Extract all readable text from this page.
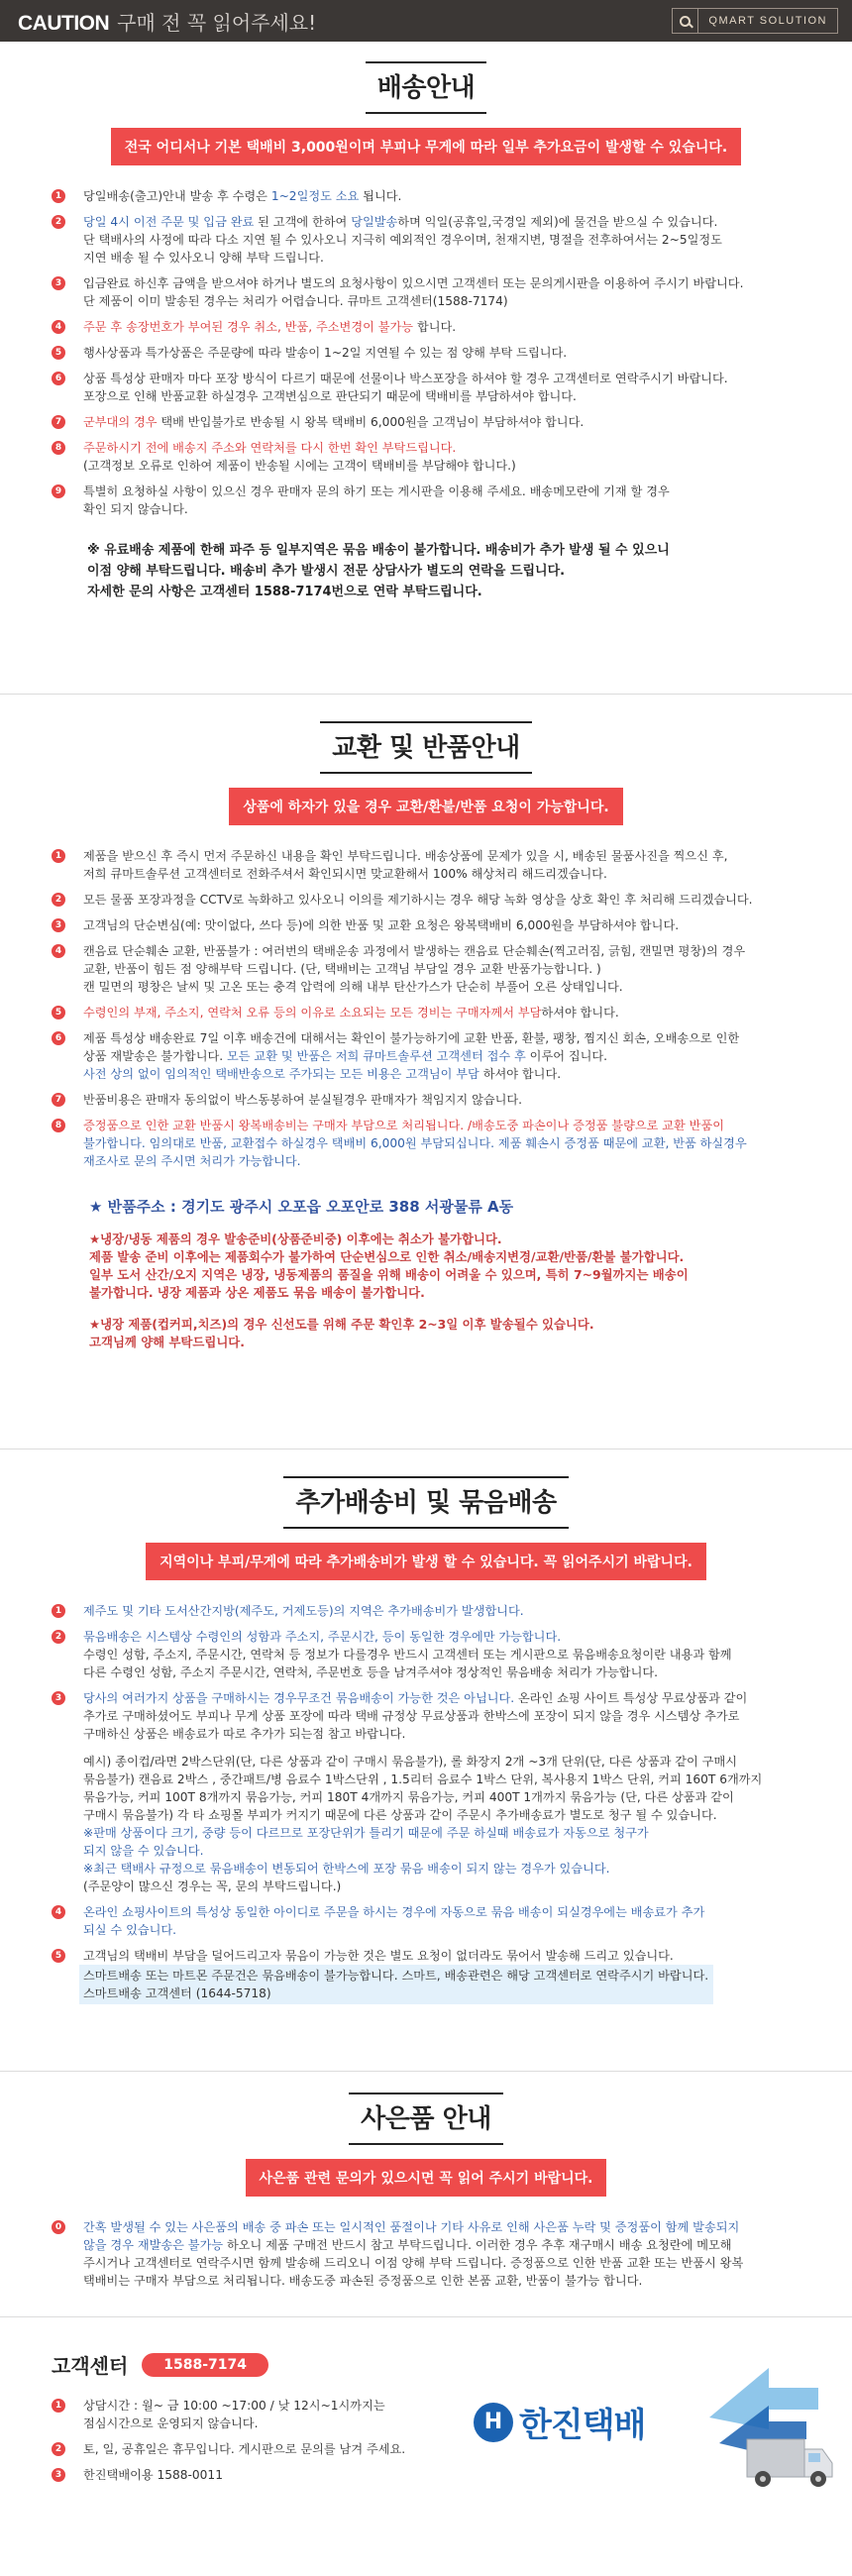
CAUTION 구매 전 꼭 읽어주세요!	QMART SOLUTION
배송안내
전국 어디서나 기본 택배비 3,000원이며 부피나 무게에 따라 일부 추가요금이 발생할 수 있습니다.
1	당일배송(출고)안내 발송 후 수령은 1~2일정도 소요 됩니다.
2	당일 4시 이전 주문 및 입금 완료 된 고객에 한하여 당일발송하며 익일(공휴일,국경일 제외)에 물건을 받으실 수 있습니다.
단 택배사의 사정에 따라 다소 지연 될 수 있사오니 지극히 예외적인 경우이며, 천재지변, 명절을 전후하여서는 2~5일정도
지연 배송 될 수 있사오니 양해 부탁 드립니다.
3	입금완료 하신후 금액을 받으셔야 하거나 별도의 요청사항이 있으시면 고객센터 또는 문의게시판을 이용하여 주시기 바랍니다.
단 제품이 이미 발송된 경우는 처리가 어렵습니다. 큐마트 고객센터(1588-7174)
4	주문 후 송장번호가 부여된 경우 취소, 반품, 주소변경이 불가능 합니다.
5	행사상품과 특가상품은 주문량에 따라 발송이 1~2일 지연될 수 있는 점 양해 부탁 드립니다.
6	상품 특성상 판매자 마다 포장 방식이 다르기 때문에 선물이나 박스포장을 하셔야 할 경우 고객센터로 연락주시기 바랍니다.
포장으로 인해 반품교환 하실경우 고객변심으로 판단되기 때문에 택배비를 부담하셔야 합니다.
7	군부대의 경우 택배 반입불가로 반송될 시 왕복 택배비 6,000원을 고객님이 부담하셔야 합니다.
8	주문하시기 전에 배송지 주소와 연락처를 다시 한번 확인 부탁드립니다.
(고객정보 오류로 인하여 제품이 반송될 시에는 고객이 택배비를 부담해야 합니다.)
9	특별히 요청하실 사항이 있으신 경우 판매자 문의 하기 또는 게시판을 이용해 주세요. 배송메모란에 기재 할 경우
확인 되지 않습니다.
※ 유료배송 제품에 한해 파주 등 일부지역은 묶음 배송이 불가합니다. 배송비가 추가 발생 될 수 있으니
이점 양해 부탁드립니다. 배송비 추가 발생시 전문 상담사가 별도의 연락을 드립니다.
자세한 문의 사항은 고객센터 1588-7174번으로 연락 부탁드립니다.
교환 및 반품안내
상품에 하자가 있을 경우 교환/환불/반품 요청이 가능합니다.
1	제품을 받으신 후 즉시 먼저 주문하신 내용을 확인 부탁드립니다. 배송상품에 문제가 있을 시, 배송된 물품사진을 찍으신 후,
저희 큐마트솔루션 고객센터로 전화주셔서 확인되시면 맞교환해서 100% 해상처리 해드리겠습니다.
2	모든 물품 포장과정을 CCTV로 녹화하고 있사오니 이의를 제기하시는 경우 해당 녹화 영상을 상호 확인 후 처리해 드리겠습니다.
3	고객님의 단순변심(예: 맛이없다, 쓰다 등)에 의한 반품 및 교환 요청은 왕복택배비 6,000원을 부담하셔야 합니다.
4	캔음료 단순훼손 교환, 반품불가 : 여러번의 택배운송 과정에서 발생하는 캔음료 단순훼손(찍고러짐, 긁힘, 캔밀면 평창)의 경우
교환, 반품이 힘든 점 양해부탁 드립니다. (단, 택배비는 고객님 부담일 경우 교환 반품가능합니다. )
캔 밀면의 평창은 날씨 및 고온 또는 충격 압력에 의해 내부 탄산가스가 단순히 부풀어 오른 상태입니다.
5	수령인의 부재, 주소지, 연락처 오류 등의 이유로 소요되는 모든 경비는 구매자께서 부담하셔야 합니다.
6	제품 특성상 배송완료 7일 이후 배송건에 대해서는 확인이 불가능하기에 교환 반품, 환불, 팽창, 찜지신 회손, 오배송으로 인한
상품 재발송은 불가합니다. 모든 교환 및 반품은 저희 큐마트솔루션 고객센터 접수 후 이루어 집니다.
사전 상의 없이 임의적인 택배반송으로 주가되는 모든 비용은 고객님이 부담 하셔야 합니다.
7	반품비용은 판매자 동의없이 박스동봉하여 분실될경우 판매자가 책임지지 않습니다.
8	증정품으로 인한 교환 반품시 왕복배송비는 구매자 부담으로 처리됩니다. /배송도중 파손이나 증정품 불량으로 교환 반품이
불가합니다. 임의대로 반품, 교환접수 하실경우 택배비 6,000원 부담되십니다. 제품 훼손시 증정품 때문에 교환, 반품 하실경우
재조사로 문의 주시면 처리가 가능합니다.
★ 반품주소 : 경기도 광주시 오포읍 오포안로 388 서광물류 A동
★냉장/냉동 제품의 경우 발송준비(상품준비중) 이후에는 취소가 불가합니다.
제품 발송 준비 이후에는 제품회수가 불가하여 단순변심으로 인한 취소/배송지변경/교환/반품/환불 불가합니다.
일부 도서 산간/오지 지역은 냉장, 냉동제품의 품질을 위해 배송이 어려울 수 있으며, 특히 7~9월까지는 배송이
불가합니다. 냉장 제품과 상온 제품도 묶음 배송이 불가합니다.
★냉장 제품(컵커피,치즈)의 경우 신선도를 위해 주문 확인후 2~3일 이후 발송될수 있습니다.
고객님께 양해 부탁드립니다.
추가배송비 및 묶음배송
지역이나 부피/무게에 따라 추가배송비가 발생 할 수 있습니다. 꼭 읽어주시기 바랍니다.
1	제주도 및 기타 도서산간지방(제주도, 거제도등)의 지역은 추가배송비가 발생합니다.
2	묶음배송은 시스템상 수령인의 성함과 주소지, 주문시간, 등이 동일한 경우에만 가능합니다.
수령인 성함, 주소지, 주문시간, 연락처 등 정보가 다를경우 반드시 고객센터 또는 게시판으로 묶음배송요청이란 내용과 함께
다른 수령인 성함, 주소지 주문시간, 연락처, 주문번호 등을 남겨주셔야 정상적인 묶음배송 처리가 가능합니다.
3	당사의 여러가지 상품을 구매하시는 경우무조건 묶음배송이 가능한 것은 아닙니다. 온라인 쇼핑 사이트 특성상 무료상품과 같이
추가로 구매하셨어도 부피나 무게 상품 포장에 따라 택배 규정상 무료상품과 한박스에 포장이 되지 않을 경우 시스템상 추가로
구매하신 상품은 배송료가 따로 추가가 되는점 참고 바랍니다.
예시) 종이컵/라면 2박스단위(단, 다른 상품과 같이 구매시 묶음불가), 롤 화장지 2개 ~3개 단위(단, 다른 상품과 같이 구매시
묶음불가) 캔음료 2박스 , 중간패트/병 음료수 1박스단위 , 1.5리터 음료수 1박스 단위, 복사용지 1박스 단위, 커피 160T 6개까지
묶음가능, 커피 100T 8개까지 묶음가능, 커피 180T 4개까지 묶음가능, 커피 400T 1개까지 묶음가능 (단, 다른 상품과 같이
구매시 묶음불가) 각 타 쇼핑몰 부피가 커지기 때문에 다른 상품과 같이 주문시 추가배송료가 별도로 청구 될 수 있습니다.
※판매 상품이다 크기, 중량 등이 다르므로 포장단위가 틀리기 때문에 주문 하실때 배송료가 자동으로 청구가
되지 않을 수 있습니다.
※최근 택배사 규정으로 묶음배송이 변동되어 한박스에 포장 묶음 배송이 되지 않는 경우가 있습니다.
(주문양이 많으신 경우는 꼭, 문의 부탁드립니다.)
4	온라인 쇼핑사이트의 특성상 동일한 아이디로 주문을 하시는 경우에 자동으로 묶음 배송이 되실경우에는 배송료가 추가
되실 수 있습니다.
5	고객님의 택배비 부담을 덜어드리고자 묶음이 가능한 것은 별도 요청이 없더라도 묶어서 발송해 드리고 있습니다.
스마트배송 또는 마트몬 주문건은 묶음배송이 불가능합니다. 스마트, 배송관련은 해당 고객센터로 연락주시기 바랍니다.
스마트배송 고객센터 (1644-5718)
사은품 안내
사은품 관련 문의가 있으시면 꼭 읽어 주시기 바랍니다.
0	간혹 발생될 수 있는 사은품의 배송 중 파손 또는 일시적인 품절이나 기타 사유로 인해 사은품 누락 및 증정품이 함께 발송되지
않을 경우 재발송은 불가능 하오니 제품 구매전 반드시 참고 부탁드립니다. 이러한 경우 추후 재구매시 배송 요청란에 메모해
주시거나 고객센터로 연락주시면 함께 발송해 드리오니 이점 양해 부탁 드립니다. 증정품으로 인한 반품 교환 또는 반품시 왕복
택배비는 구매자 부담으로 처리됩니다. 배송도중 파손된 증정품으로 인한 본품 교환, 반품이 불가능 합니다.
고객센터	1588-7174
1	상담시간 : 월~ 금 10:00 ~17:00 / 낮 12시~1시까지는
점심시간으로 운영되지 않습니다.
2	토, 일, 공휴일은 휴무입니다. 게시판으로 문의를 남겨 주세요.
3	한진택배이용 1588-0011
H 한진택배
